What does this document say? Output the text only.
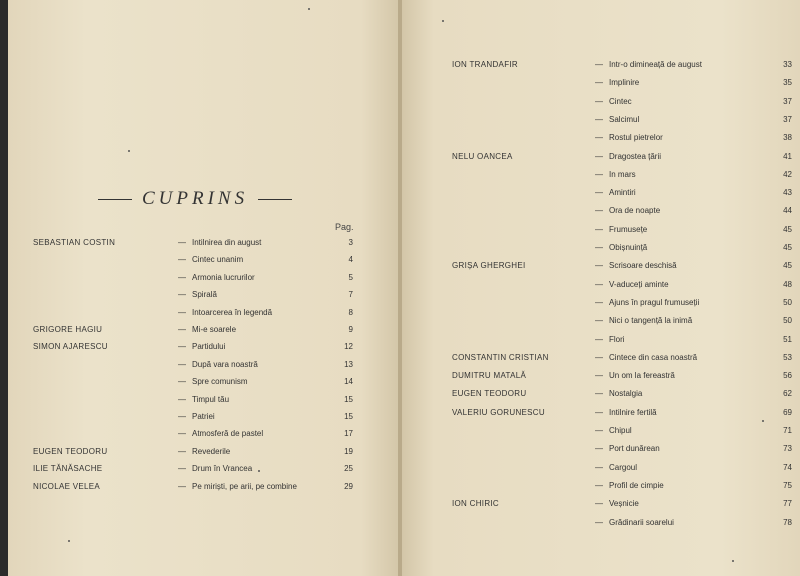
CUPRINS
Pag.
SEBASTIAN COSTIN	— Intilnirea din august	3
— Cintec unanim	4
— Armonia lucrurilor	5
— Spirală	7
— Intoarcerea în legendă	8
GRIGORE HAGIU	— Mi-e soarele	9
SIMON AJARESCU	— Partidului	12
— După vara noastră	13
— Spre comunism	14
— Timpul tău	15
— Patriei	15
— Atmosferă de pastel	17
EUGEN TEODORU	— Revederile	19
ILIE TĂNĂSACHE	— Drum în Vrancea	25
NICOLAE VELEA	— Pe miriști, pe arii, pe combine	29
ION TRANDAFIR	— Intr-o dimineață de august	33
— Implinire	35
— Cintec	37
— Salcimul	37
— Rostul pietrelor	38
NELU OANCEA	— Dragostea țării	41
— In mars	42
— Amintiri	43
— Ora de noapte	44
— Frumusețe	45
— Obișnuință	45
GRIȘA GHERGHEI	— Scrisoare deschisă	45
— V-aduceți aminte	48
— Ajuns în pragul frumuseții	50
— Nici o tangență la inimă	50
— Flori	51
CONSTANTIN CRISTIAN	— Cintece din casa noastră	53
DUMITRU MATALĂ	— Un om la fereastră	56
EUGEN TEODORU	— Nostalgia	62
VALERIU GORUNESCU	— Intilnire fertilă	69
— Chipul	71
— Port dunărean	73
— Cargoul	74
— Profil de cimpie	75
ION CHIRIC	— Veșnicie	77
— Grădinarii soarelui	78
